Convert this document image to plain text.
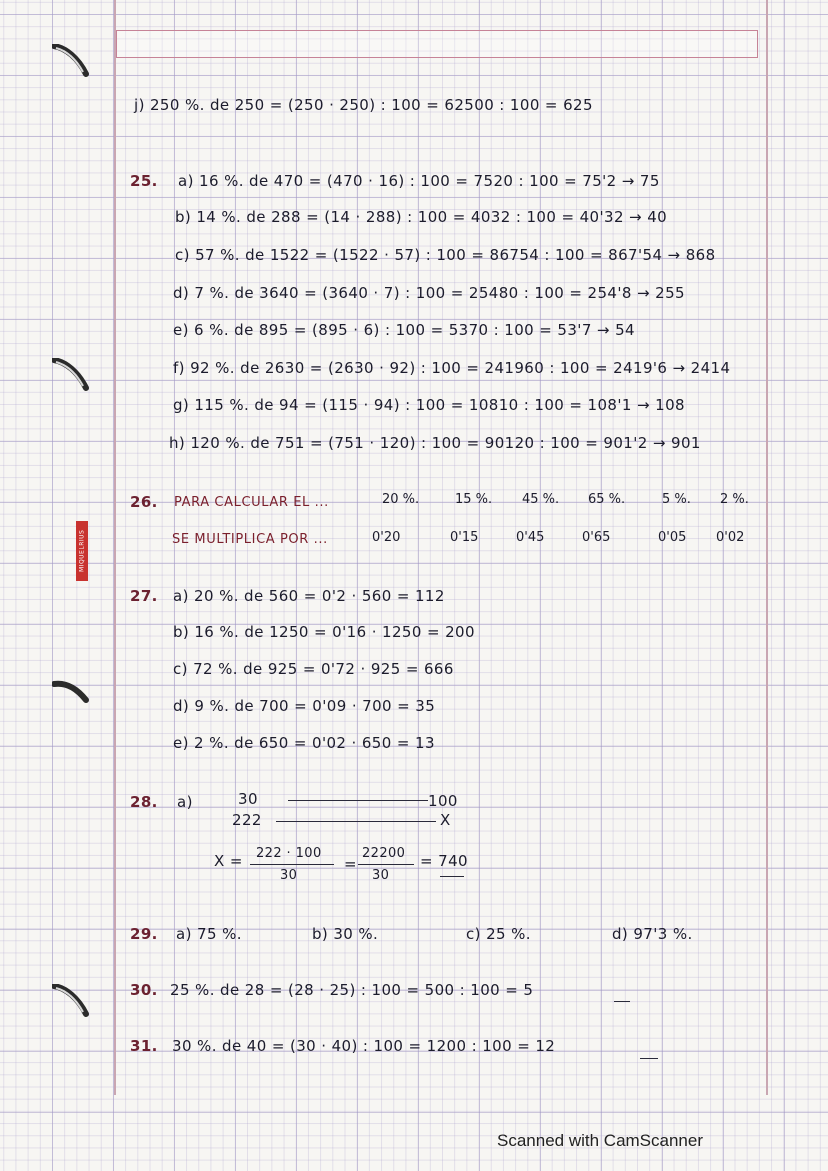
MIQUELRIUS
j) 250 %. de 250 = (250 · 250) : 100 = 62500 : 100 = 625
25. a) 16 %. de 470 = (470 · 16) : 100 = 7520 : 100 = 75'2 → 75
b) 14 %. de 288 = (14 · 288) : 100 = 4032 : 100 = 40'32 → 40
c) 57 %. de 1522 = (1522 · 57) : 100 = 86754 : 100 = 867'54 → 868
d) 7 %. de 3640 = (3640 · 7) : 100 = 25480 : 100 = 254'8 → 255
e) 6 %. de 895 = (895 · 6) : 100 = 5370 : 100 = 53'7 → 54
f) 92 %. de 2630 = (2630 · 92) : 100 = 241960 : 100 = 2419'6 → 2414
g) 115 %. de 94 = (115 · 94) : 100 = 10810 : 100 = 108'1 → 108
h) 120 %. de 751 = (751 · 120) : 100 = 90120 : 100 = 901'2 → 901
26. PARA CALCULAR EL ...
SE MULTIPLICA POR ...
20 %.	15 %. 45 %. 65 %.	5 %. 2 %.
0'20	0'15	0'45	0'65	0'05 0'02
27. a) 20 %. de 560 = 0'2 · 560 = 112
b) 16 %. de 1250 = 0'16 · 1250 = 200
c) 72 %. de 925 = 0'72 · 925 = 666
d) 9 %. de 700 = 0'09 · 700 = 35
e) 2 %. de 650 = 0'02 · 650 = 13
28. a)	30	100
222	X
X = 222 · 100
30
=
22200
30
= 740
29. a) 75 %.	b) 30 %.	c) 25 %.	d) 97'3 %.
30. 25 %. de 28 = (28 · 25) : 100 = 500 : 100 = 5
31. 30 %. de 40 = (30 · 40) : 100 = 1200 : 100 = 12
Scanned with CamScanner
